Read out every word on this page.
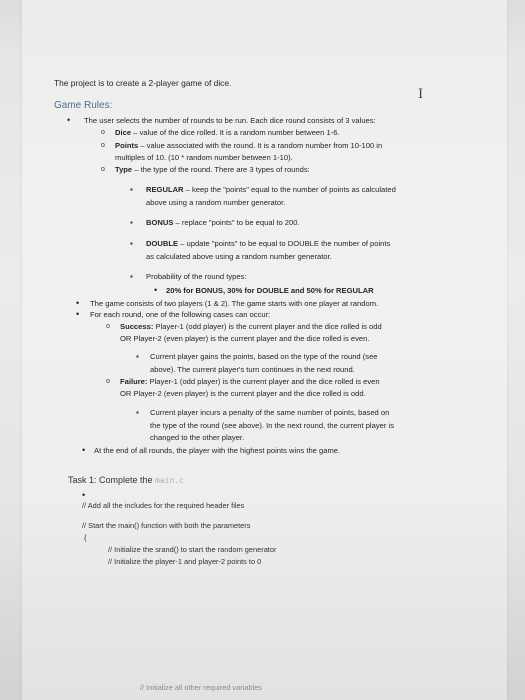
The project is to create a 2-player game of dice.
I
Game Rules:
• The user selects the number of rounds to be run. Each dice round consists of 3 values:
o Dice – value of the dice rolled. It is a random number between 1-6.
o Points – value associated with the round. It is a random number from 10-100 in
multiples of 10. (10 * random number between 1-10).
o Type – the type of the round. There are 3 types of rounds:
▪ REGULAR – keep the "points" equal to the number of points as calculated
above using a random number generator.
▪ BONUS – replace "points" to be equal to 200.
▪ DOUBLE – update "points" to be equal to DOUBLE the number of points
as calculated above using a random number generator.
▪ Probability of the round types:
• 20% for BONUS, 30% for DOUBLE and 50% for REGULAR
• The game consists of two players (1 & 2). The game starts with one player at random.
• For each round, one of the following cases can occur:
o Success: Player-1 (odd player) is the current player and the dice rolled is odd
OR Player-2 (even player) is the current player and the dice rolled is even.
▪ Current player gains the points, based on the type of the round (see
above). The current player's turn continues in the next round.
o Failure: Player-1 (odd player) is the current player and the dice rolled is even
OR Player-2 (even player) is the current player and the dice rolled is odd.
▪ Current player incurs a penalty of the same number of points, based on
the type of the round (see above). In the next round, the current player is
changed to the other player.
• At the end of all rounds, the player with the highest points wins the game.
Task 1: Complete the main.c
•
// Add all the includes for the required header files
// Start the main() function with both the parameters
{
// Initialize the srand() to start the random generator
// Initialize the player-1 and player-2 points to 0
// Initialize all other required variables
